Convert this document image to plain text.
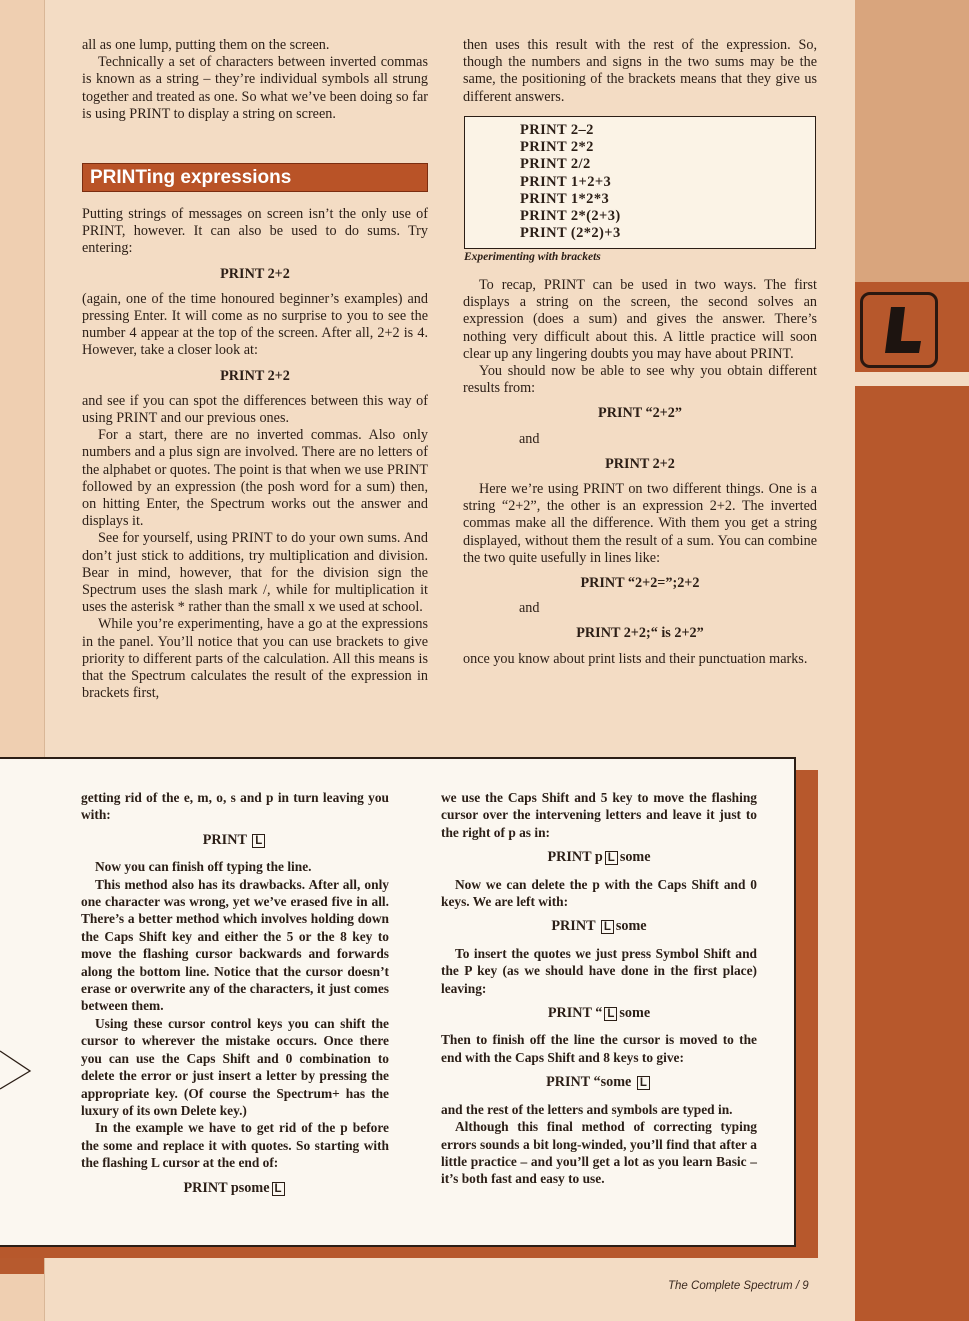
all as one lump, putting them on the screen.

Technically a set of characters between inverted commas is known as a string – they’re individual symbols all strung together and treated as one. So what we’ve been doing so far is using PRINT to display a string on screen.

PRINTing expressions

Putting strings of messages on screen isn’t the only use of PRINT, however. It can also be used to do sums. Try entering:

PRINT 2+2

(again, one of the time honoured beginner’s examples) and pressing Enter. It will come as no surprise to you to see the number 4 appear at the top of the screen. After all, 2+2 is 4. However, take a closer look at:

PRINT 2+2

and see if you can spot the differences between this way of using PRINT and our previous ones.

For a start, there are no inverted commas. Also only numbers and a plus sign are involved. There are no letters of the alphabet or quotes. The point is that when we use PRINT followed by an expression (the posh word for a sum) then, on hitting Enter, the Spectrum works out the answer and displays it.

See for yourself, using PRINT to do your own sums. And don’t just stick to additions, try multiplication and division. Bear in mind, however, that for the division sign the Spectrum uses the slash mark /, while for multiplication it uses the asterisk * rather than the small x we used at school.

While you’re experimenting, have a go at the expressions in the panel. You’ll notice that you can use brackets to give priority to different parts of the calculation. All this means is that the Spectrum calculates the result of the expression in brackets first,

then uses this result with the rest of the expression. So, though the numbers and signs in the two sums may be the same, the positioning of the brackets means that they give us different answers.

PRINT 2–2
PRINT 2*2
PRINT 2/2
PRINT 1+2+3
PRINT 1*2*3
PRINT 2*(2+3)
PRINT (2*2)+3
Experimenting with brackets

To recap, PRINT can be used in two ways. The first displays a string on the screen, the second solves an expression (does a sum) and gives the answer. There’s nothing very difficult about this. A little practice will soon clear up any lingering doubts you may have about PRINT.

You should now be able to see why you obtain different results from:

PRINT “2+2”

and

PRINT 2+2

Here we’re using PRINT on two different things. One is a string “2+2”, the other is an expression 2+2. The inverted commas make all the difference. With them you get a string displayed, without them the result of a sum. You can combine the two quite usefully in lines like:

PRINT “2+2=”;2+2

and

PRINT 2+2;“ is 2+2”

once you know about print lists and their punctuation marks.

getting rid of the e, m, o, s and p in turn leaving you with:

PRINT L

Now you can finish off typing the line.

This method also has its drawbacks. After all, only one character was wrong, yet we’ve erased five in all. There’s a better method which involves holding down the Caps Shift key and either the 5 or the 8 key to move the flashing cursor backwards and forwards along the bottom line. Notice that the cursor doesn’t erase or overwrite any of the characters, it just comes between them.

Using these cursor control keys you can shift the cursor to wherever the mistake occurs. Once there you can use the Caps Shift and 0 combination to delete the error or just insert a letter by pressing the appropriate key. (Of course the Spectrum+ has the luxury of its own Delete key.)

In the example we have to get rid of the p before the some and replace it with quotes. So starting with the flashing L cursor at the end of:

PRINT psome L

we use the Caps Shift and 5 key to move the flashing cursor over the intervening letters and leave it just to the right of p as in:

PRINT p L some

Now we can delete the p with the Caps Shift and 0 keys. We are left with:

PRINT L some

To insert the quotes we just press Symbol Shift and the P key (as we should have done in the first place) leaving:

PRINT “ L some

Then to finish off the line the cursor is moved to the end with the Caps Shift and 8 keys to give:

PRINT “some L

and the rest of the letters and symbols are typed in.

Although this final method of correcting typing errors sounds a bit long-winded, you’ll find that after a little practice – and you’ll get a lot as you learn Basic – it’s both fast and easy to use.

The Complete Spectrum / 9
